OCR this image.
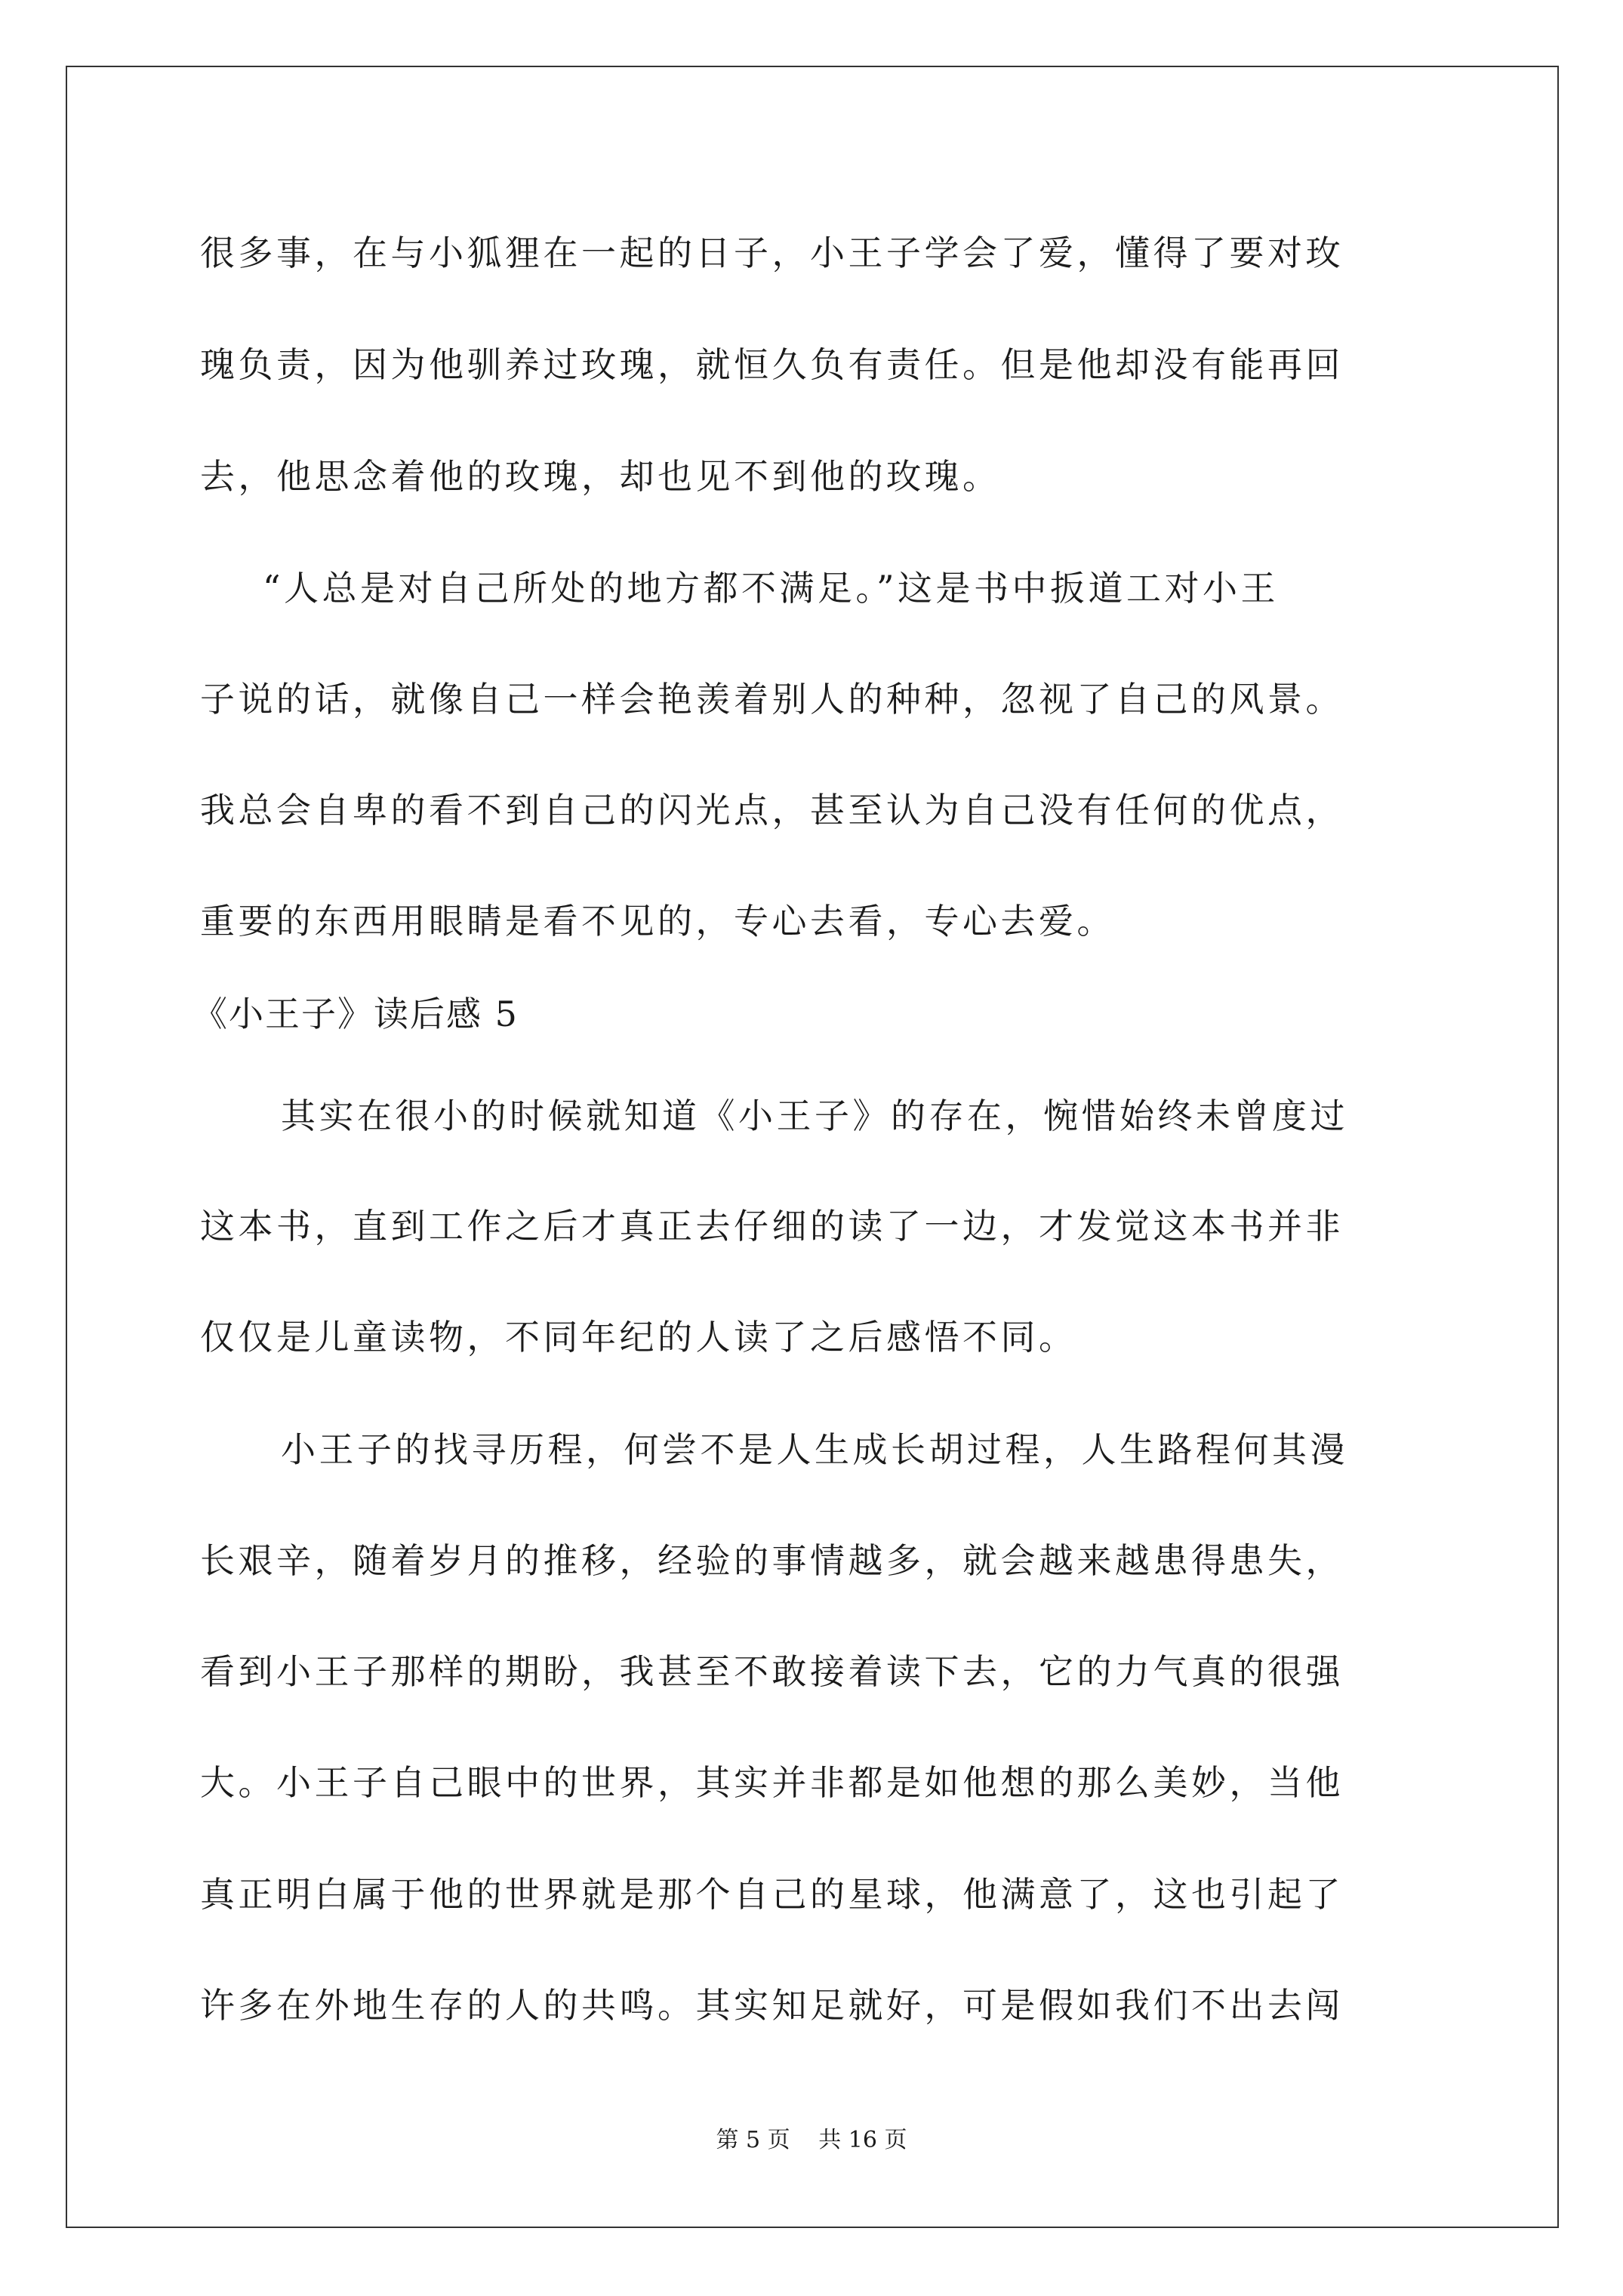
很多事，在与小狐狸在一起的日子，小王子学会了爱，懂得了要对玫
瑰负责，因为他驯养过玫瑰，就恒久负有责任。但是他却没有能再回
去，他思念着他的玫瑰，却也见不到他的玫瑰。
“人总是对自己所处的地方都不满足。”这是书中扳道工对小王
子说的话，就像自己一样会艳羡着别人的种种，忽视了自己的风景。
我总会自卑的看不到自己的闪光点，甚至认为自己没有任何的优点，
重要的东西用眼睛是看不见的，专心去看，专心去爱。
《小王子》读后感 5
其实在很小的时候就知道《小王子》的存在，惋惜始终未曾度过
这本书，直到工作之后才真正去仔细的读了一边，才发觉这本书并非
仅仅是儿童读物，不同年纪的人读了之后感悟不同。
小王子的找寻历程，何尝不是人生成长胡过程，人生路程何其漫
长艰辛，随着岁月的推移，经验的事情越多，就会越来越患得患失，
看到小王子那样的期盼，我甚至不敢接着读下去，它的力气真的很强
大。小王子自己眼中的世界，其实并非都是如他想的那么美妙，当他
真正明白属于他的世界就是那个自己的星球，他满意了，这也引起了
许多在外地生存的人的共鸣。其实知足就好，可是假如我们不出去闯
第 5 页 共 16 页
